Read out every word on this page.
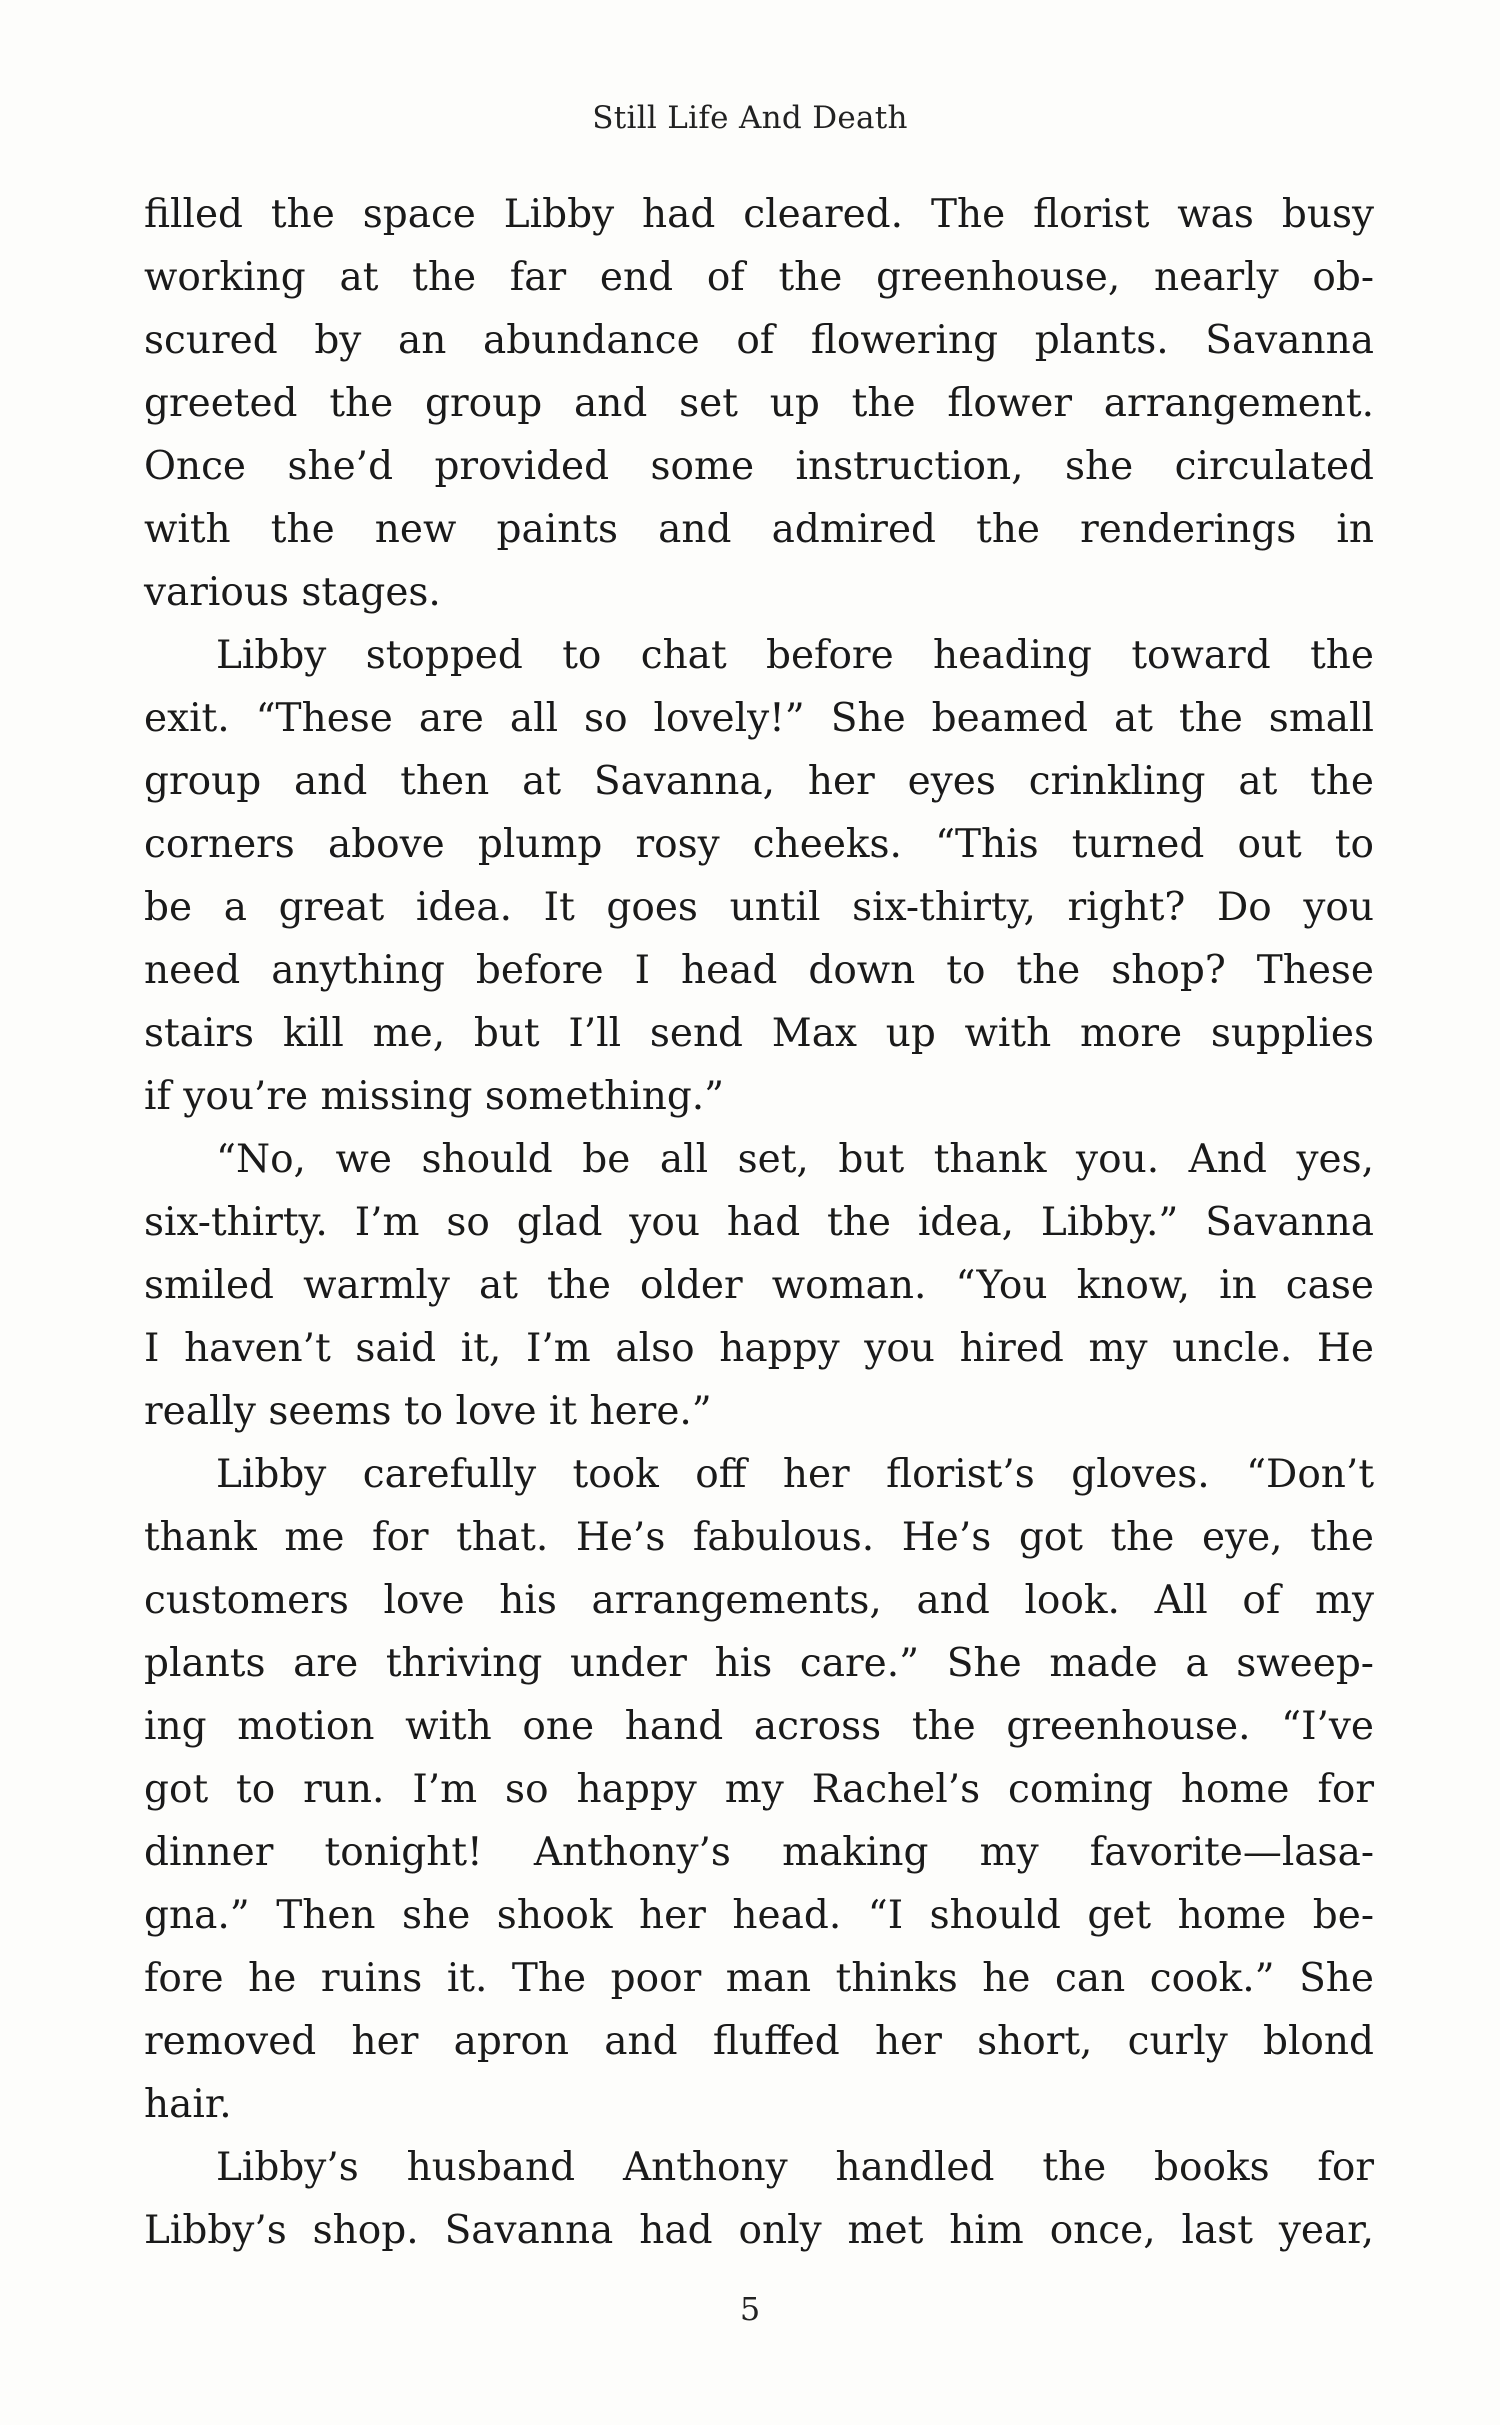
Still Life And Death
filled the space Libby had cleared. The florist was busy
working at the far end of the greenhouse, nearly ob-
scured by an abundance of flowering plants. Savanna
greeted the group and set up the flower arrangement.
Once she’d provided some instruction, she circulated
with the new paints and admired the renderings in
various stages.
Libby stopped to chat before heading toward the
exit. “These are all so lovely!” She beamed at the small
group and then at Savanna, her eyes crinkling at the
corners above plump rosy cheeks. “This turned out to
be a great idea. It goes until six-thirty, right? Do you
need anything before I head down to the shop? These
stairs kill me, but I’ll send Max up with more supplies
if you’re missing something.”
“No, we should be all set, but thank you. And yes,
six-thirty. I’m so glad you had the idea, Libby.” Savanna
smiled warmly at the older woman. “You know, in case
I haven’t said it, I’m also happy you hired my uncle. He
really seems to love it here.”
Libby carefully took off her florist’s gloves. “Don’t
thank me for that. He’s fabulous. He’s got the eye, the
customers love his arrangements, and look. All of my
plants are thriving under his care.” She made a sweep-
ing motion with one hand across the greenhouse. “I’ve
got to run. I’m so happy my Rachel’s coming home for
dinner tonight! Anthony’s making my favorite—lasa-
gna.” Then she shook her head. “I should get home be-
fore he ruins it. The poor man thinks he can cook.” She
removed her apron and fluffed her short, curly blond
hair.
Libby’s husband Anthony handled the books for
Libby’s shop. Savanna had only met him once, last year,
5
